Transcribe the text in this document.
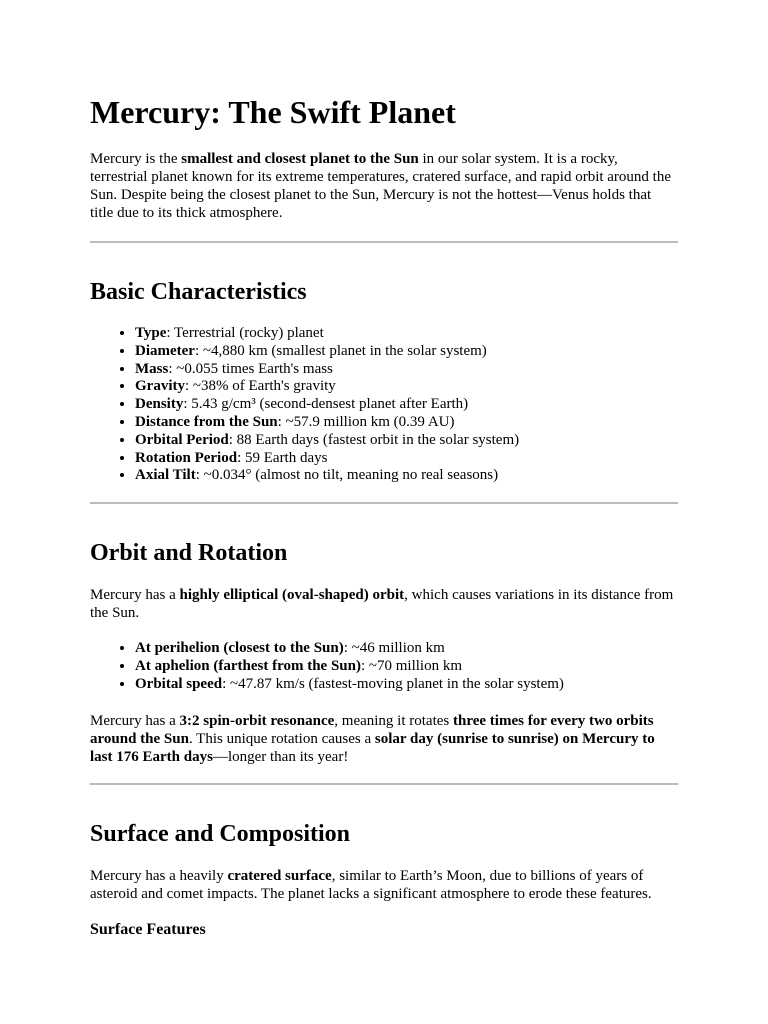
Mercury: The Swift Planet

Mercury is the smallest and closest planet to the Sun in our solar system. It is a rocky, terrestrial planet known for its extreme temperatures, cratered surface, and rapid orbit around the Sun. Despite being the closest planet to the Sun, Mercury is not the hottest—Venus holds that title due to its thick atmosphere.

Basic Characteristics
• Type: Terrestrial (rocky) planet
• Diameter: ~4,880 km (smallest planet in the solar system)
• Mass: ~0.055 times Earth's mass
• Gravity: ~38% of Earth's gravity
• Density: 5.43 g/cm³ (second-densest planet after Earth)
• Distance from the Sun: ~57.9 million km (0.39 AU)
• Orbital Period: 88 Earth days (fastest orbit in the solar system)
• Rotation Period: 59 Earth days
• Axial Tilt: ~0.034° (almost no tilt, meaning no real seasons)
Orbit and Rotation

Mercury has a highly elliptical (oval-shaped) orbit, which causes variations in its distance from the Sun.

• At perihelion (closest to the Sun): ~46 million km
• At aphelion (farthest from the Sun): ~70 million km
• Orbital speed: ~47.87 km/s (fastest-moving planet in the solar system)

Mercury has a 3:2 spin-orbit resonance, meaning it rotates three times for every two orbits around the Sun. This unique rotation causes a solar day (sunrise to sunrise) on Mercury to last 176 Earth days—longer than its year!

Surface and Composition

Mercury has a heavily cratered surface, similar to Earth’s Moon, due to billions of years of asteroid and comet impacts. The planet lacks a significant atmosphere to erode these features.

Surface Features
